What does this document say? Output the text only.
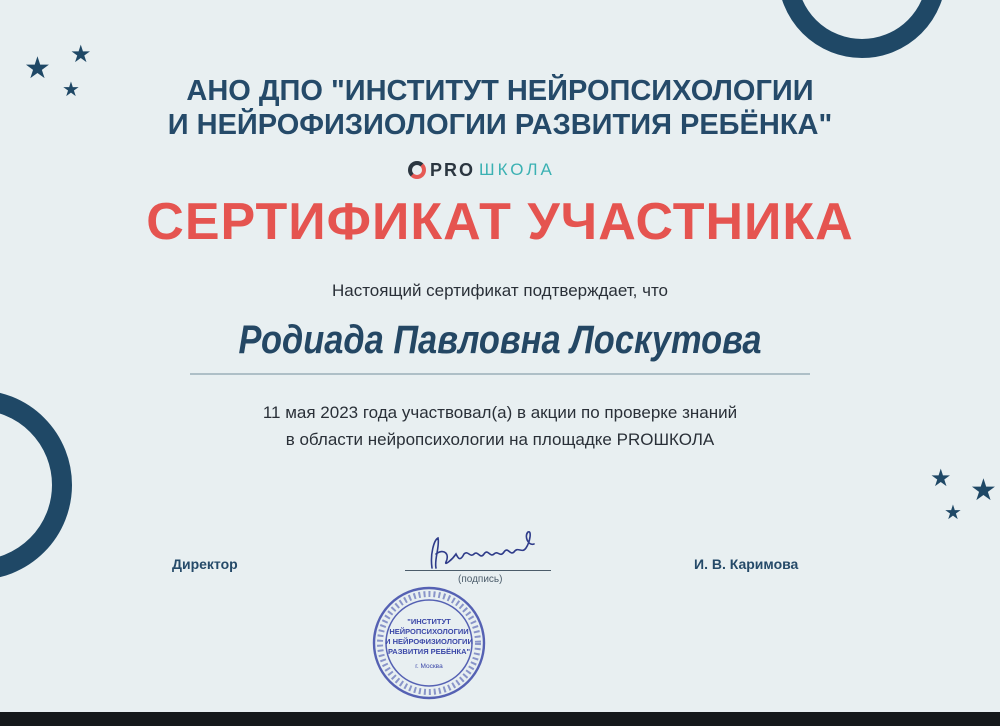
★ ★
★
★ ★
★
АНО ДПО "ИНСТИТУТ НЕЙРОПСИХОЛОГИИ
И НЕЙРОФИЗИОЛОГИИ РАЗВИТИЯ РЕБЁНКА"
PRO ШКОЛА
СЕРТИФИКАТ УЧАСТНИКА
Настоящий сертификат подтверждает, что
Родиада Павловна Лоскутова
11 мая 2023 года участвовал(а) в акции по проверке знаний
в области нейропсихологии на площадке PROШКОЛА
Директор
(подпись)
И. В. Каримова
"ИНСТИТУТ
НЕЙРОПСИХОЛОГИИ
И НЕЙРОФИЗИОЛОГИИ
РАЗВИТИЯ РЕБЁНКА"
г. Москва
